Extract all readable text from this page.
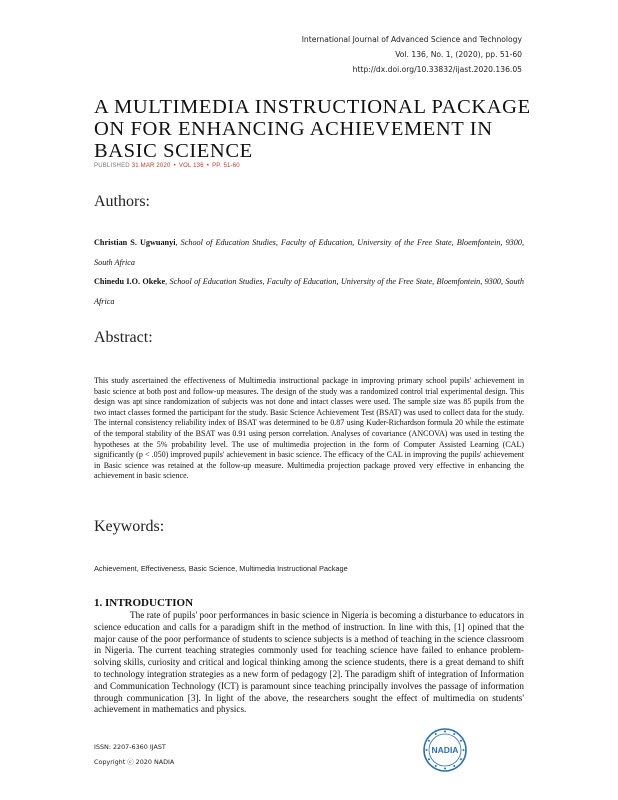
International Journal of Advanced Science and Technology
Vol. 136, No. 1, (2020), pp. 51-60
http://dx.doi.org/10.33832/ijast.2020.136.05
A MULTIMEDIA INSTRUCTIONAL PACKAGE ON FOR ENHANCING ACHIEVEMENT IN BASIC SCIENCE
PUBLISHED 31 MAR 2020 • VOL 136 • PP. 51-60
Authors:
Christian S. Ugwuanyi, School of Education Studies, Faculty of Education, University of the Free State, Bloemfontein, 9300, South Africa
Chinedu I.O. Okeke, School of Education Studies, Faculty of Education, University of the Free State, Bloemfontein, 9300, South Africa
Abstract:

This study ascertained the effectiveness of Multimedia instructional package in improving primary school pupils' achievement in basic science at both post and follow-up measures. The design of the study was a randomized control trial experimental design. This design was apt since randomization of subjects was not done and intact classes were used. The sample size was 85 pupils from the two intact classes formed the participant for the study. Basic Science Achievement Test (BSAT) was used to collect data for the study. The internal consistency reliability index of BSAT was determined to be 0.87 using Kuder-Richardson formula 20 while the estimate of the temporal stability of the BSAT was 0.91 using person correlation. Analyses of covariance (ANCOVA) was used in testing the hypotheses at the 5% probability level. The use of multimedia projection in the form of Computer Assisted Learning (CAL) significantly (p < .050) improved pupils' achievement in basic science. The efficacy of the CAL in improving the pupils' achievement in Basic science was retained at the follow-up measure. Multimedia projection package proved very effective in enhancing the achievement in basic science.

Keywords:
Achievement, Effectiveness, Basic Science, Multimedia Instructional Package
1. INTRODUCTION

The rate of pupils' poor performances in basic science in Nigeria is becoming a disturbance to educators in science education and calls for a paradigm shift in the method of instruction. In line with this, [1] opined that the major cause of the poor performance of students to science subjects is a method of teaching in the science classroom in Nigeria. The current teaching strategies commonly used for teaching science have failed to enhance problem-solving skills, curiosity and critical and logical thinking among the science students, there is a great demand to shift to technology integration strategies as a new form of pedagogy [2]. The paradigm shift of integration of Information and Communication Technology (ICT) is paramount since teaching principally involves the passage of information through communication [3]. In light of the above, the researchers sought the effect of multimedia on students' achievement in mathematics and physics.

ISSN: 2207-6360 IJAST
Copyright ⓒ 2020 NADIA
NADIA
